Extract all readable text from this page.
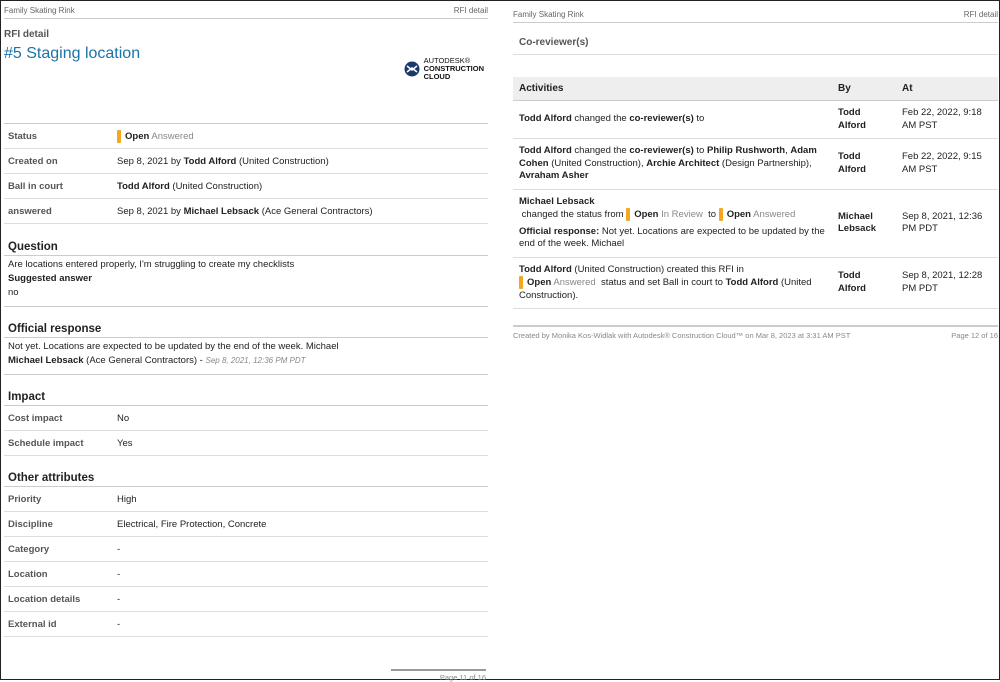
Family Skating Rink	RFI detail
RFI detail
#5 Staging location	AUTODESK®
CONSTRUCTION
CLOUD
Status	Open Answered
Created on	Sep 8, 2021 by Todd Alford (United Construction)
Ball in court	Todd Alford (United Construction)
answered	Sep 8, 2021 by Michael Lebsack (Ace General Contractors)
Question
Are locations entered properly, I'm struggling to create my checklists
Suggested answer
no
Official response
Not yet. Locations are expected to be updated by the end of the week. Michael
Michael Lebsack (Ace General Contractors) - Sep 8, 2021, 12:36 PM PDT
Impact
Cost impact	No
Schedule impact	Yes
Other attributes
Priority	High
Discipline	Electrical, Fire Protection, Concrete
Category	-
Location	-
Location details	-
External id	-
Page 11 of 16
Family Skating Rink	RFI detail
Co-reviewer(s)
Activities	By	At
Todd Alford changed the co-reviewer(s) to	Todd Alford	Feb 22, 2022, 9:18 AM PST
Todd Alford changed the co-reviewer(s) to Philip Rushworth, Adam Cohen (United Construction), Archie Architect (Design Partnership), Avraham Asher	Todd Alford	Feb 22, 2022, 9:15 AM PST

Michael Lebsack
changed the status from Open In Review to Open Answered
Official response: Not yet. Locations are expected to be updated by the end of the week. Michael	Michael Lebsack	Sep 8, 2021, 12:36 PM PDT
Todd Alford (United Construction) created this RFI in
Open Answered status and set Ball in court to Todd Alford (United Construction).	Todd Alford	Sep 8, 2021, 12:28 PM PDT
Created by Monika Kos-Widlak with Autodesk® Construction Cloud™ on Mar 8, 2023 at 3:31 AM PST	Page 12 of 16
